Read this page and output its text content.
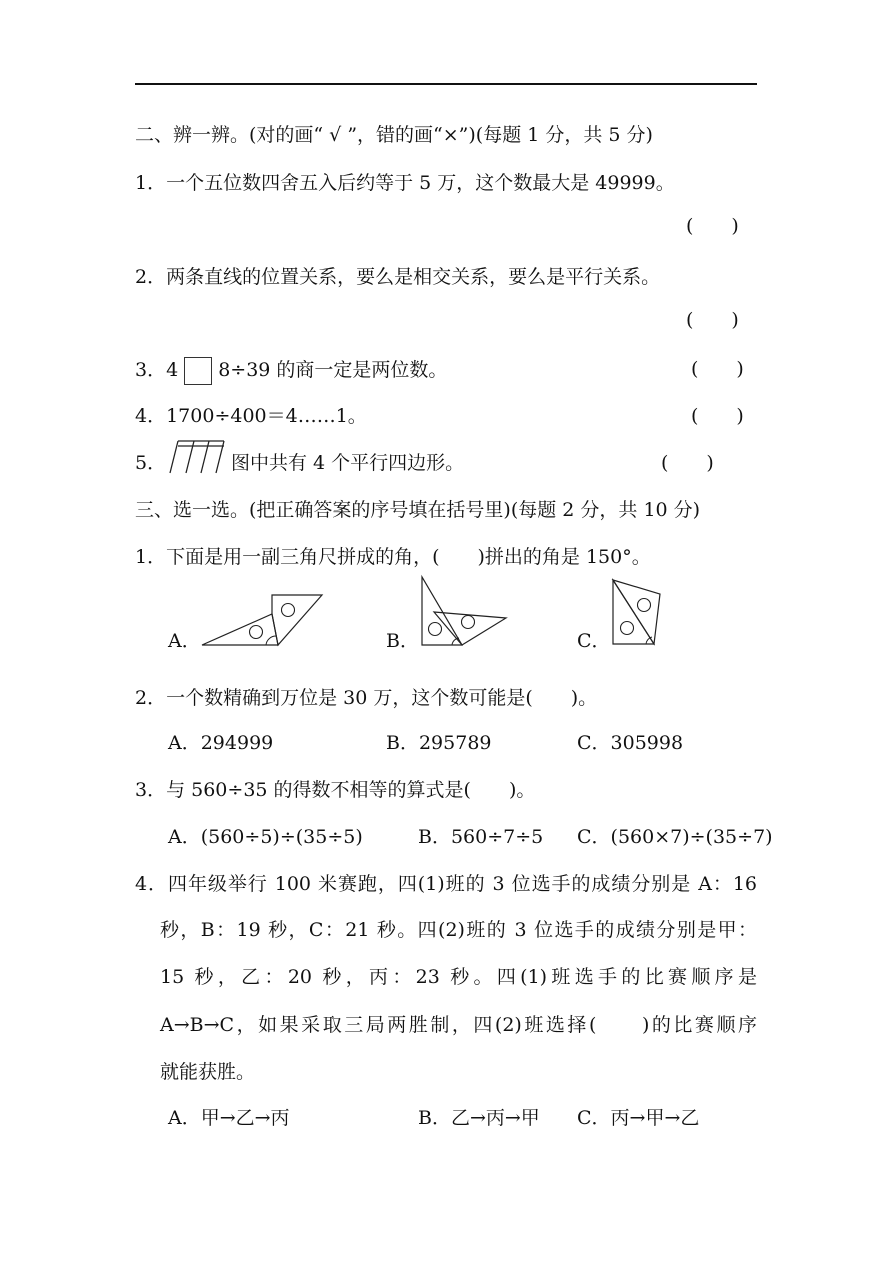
二、辨一辨。(对的画“ √ ”，错的画“×”)(每题 1 分，共 5 分)
1．一个五位数四舍五入后约等于 5 万，这个数最大是 49999。
(　　)
2．两条直线的位置关系，要么是相交关系，要么是平行关系。
(　　)
3．4 8÷39 的商一定是两位数。	(　　)
4．1700÷400＝4……1。	(　　)
5．	图中共有 4 个平行四边形。	(　　)
三、选一选。(把正确答案的序号填在括号里)(每题 2 分，共 10 分)
1．下面是用一副三角尺拼成的角，(　　)拼出的角是 150°。
A．	B．	C．
2．一个数精确到万位是 30 万，这个数可能是(　　)。
A．294999	B．295789	C．305998
3．与 560÷35 的得数不相等的算式是(　　)。
A．(560÷5)÷(35÷5)	B．560÷7÷5 C．(560×7)÷(35÷7)
4．四年级举行 100 米赛跑，四(1)班的 3 位选手的成绩分别是 A：16
秒，B：19 秒，C：21 秒。四(2)班的 3 位选手的成绩分别是甲：
15 秒，乙：20 秒，丙：23 秒。四(1)班选手的比赛顺序是
A→B→C，如果采取三局两胜制，四(2)班选择(　　)的比赛顺序
就能获胜。
A．甲→乙→丙	B．乙→丙→甲 C．丙→甲→乙
